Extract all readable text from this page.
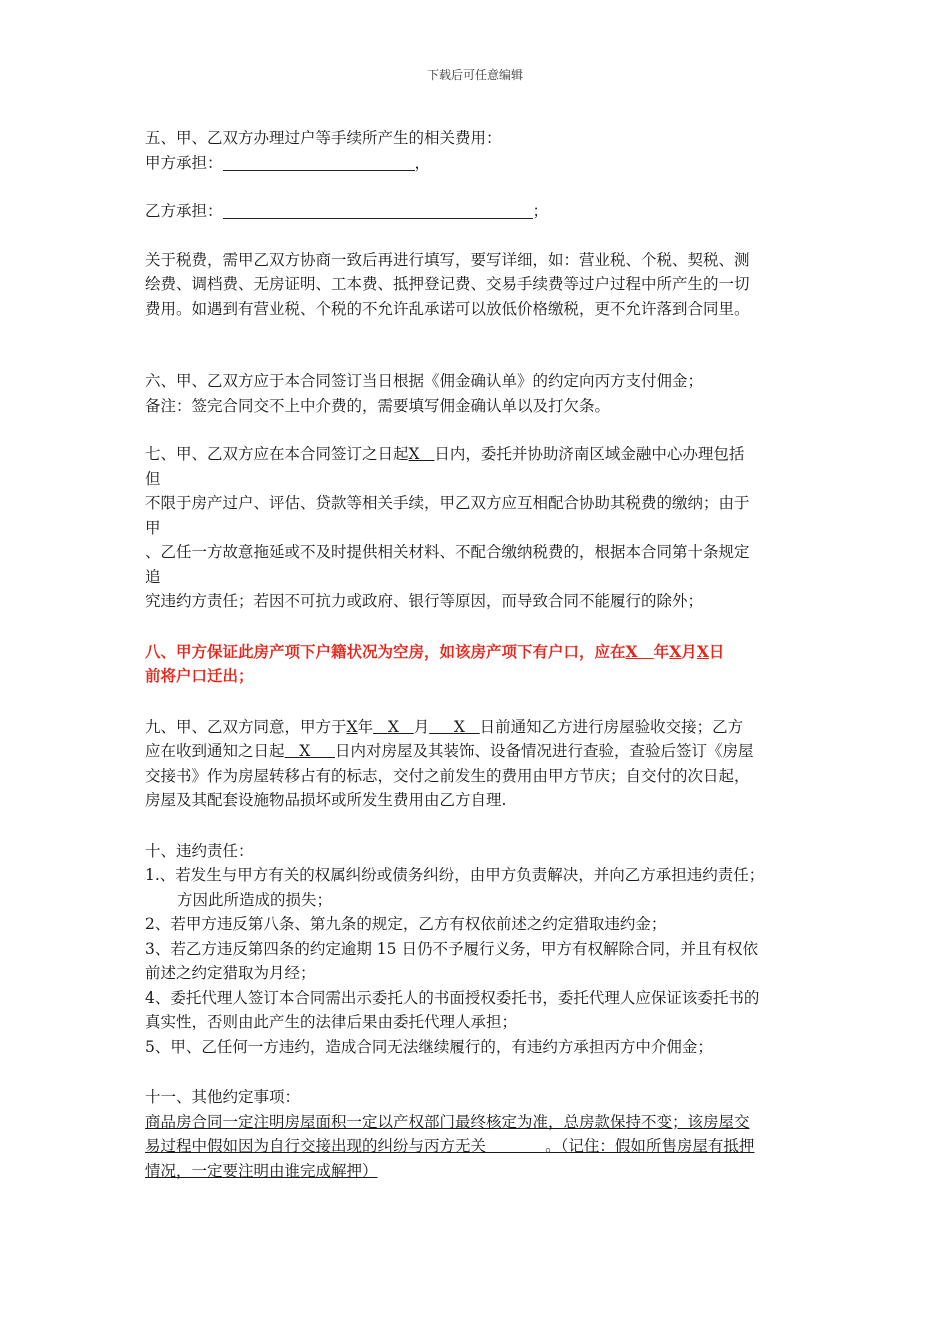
下载后可任意编辑

五、甲、乙双方办理过户等手续所产生的相关费用：

甲方承担：	，

乙方承担：	；

关于税费，需甲乙双方协商一致后再进行填写，要写详细，如：营业税、个税、契税、测

绘费、调档费、无房证明、工本费、抵押登记费、交易手续费等过户过程中所产生的一切

费用。如遇到有营业税、个税的不允许乱承诺可以放低价格缴税，更不允许落到合同里。

六、甲、乙双方应于本合同签订当日根据《佣金确认单》的约定向丙方支付佣金；

备注：签完合同交不上中介费的，需要填写佣金确认单以及打欠条。

七、甲、乙双方应在本合同签订之日起X 日内，委托并协助济南区域金融中心办理包括

但

不限于房产过户、评估、贷款等相关手续，甲乙双方应互相配合协助其税费的缴纳；由于

甲

、乙任一方故意拖延或不及时提供相关材料、不配合缴纳税费的，根据本合同第十条规定

追

究违约方责任；若因不可抗力或政府、银行等原因，而导致合同不能履行的除外；

八、甲方保证此房产项下户籍状况为空房，如该房产项下有户口，应在X 年X月X日

前将户口迁出；

九、甲、乙双方同意，甲方于X年 X 月 X 日前通知乙方进行房屋验收交接；乙方

应在收到通知之日起 X 日内对房屋及其装饰、设备情况进行查验，查验后签订《房屋

交接书》作为房屋转移占有的标志，交付之前发生的费用由甲方节庆；自交付的次日起，

房屋及其配套设施物品损坏或所发生费用由乙方自理.

十、违约责任：

1.、若发生与甲方有关的权属纠纷或债务纠纷，由甲方负责解决，并向乙方承担违约责任；

方因此所造成的损失；

2、若甲方违反第八条、第九条的规定，乙方有权依前述之约定猎取违约金；

3、若乙方违反第四条的约定逾期 15 日仍不予履行义务，甲方有权解除合同，并且有权依

前述之约定猎取为月经；

4、委托代理人签订本合同需出示委托人的书面授权委托书，委托代理人应保证该委托书的

真实性，否则由此产生的法律后果由委托代理人承担；

5、甲、乙任何一方违约，造成合同无法继续履行的，有违约方承担丙方中介佣金；

十一、其他约定事项：

商品房合同一定注明房屋面积一定以产权部门最终核定为准，总房款保持不变；该房屋交

易过程中假如因为自行交接出现的纠纷与丙方无关	。（记住：假如所售房屋有抵押

情况，一定要注明由谁完成解押）
